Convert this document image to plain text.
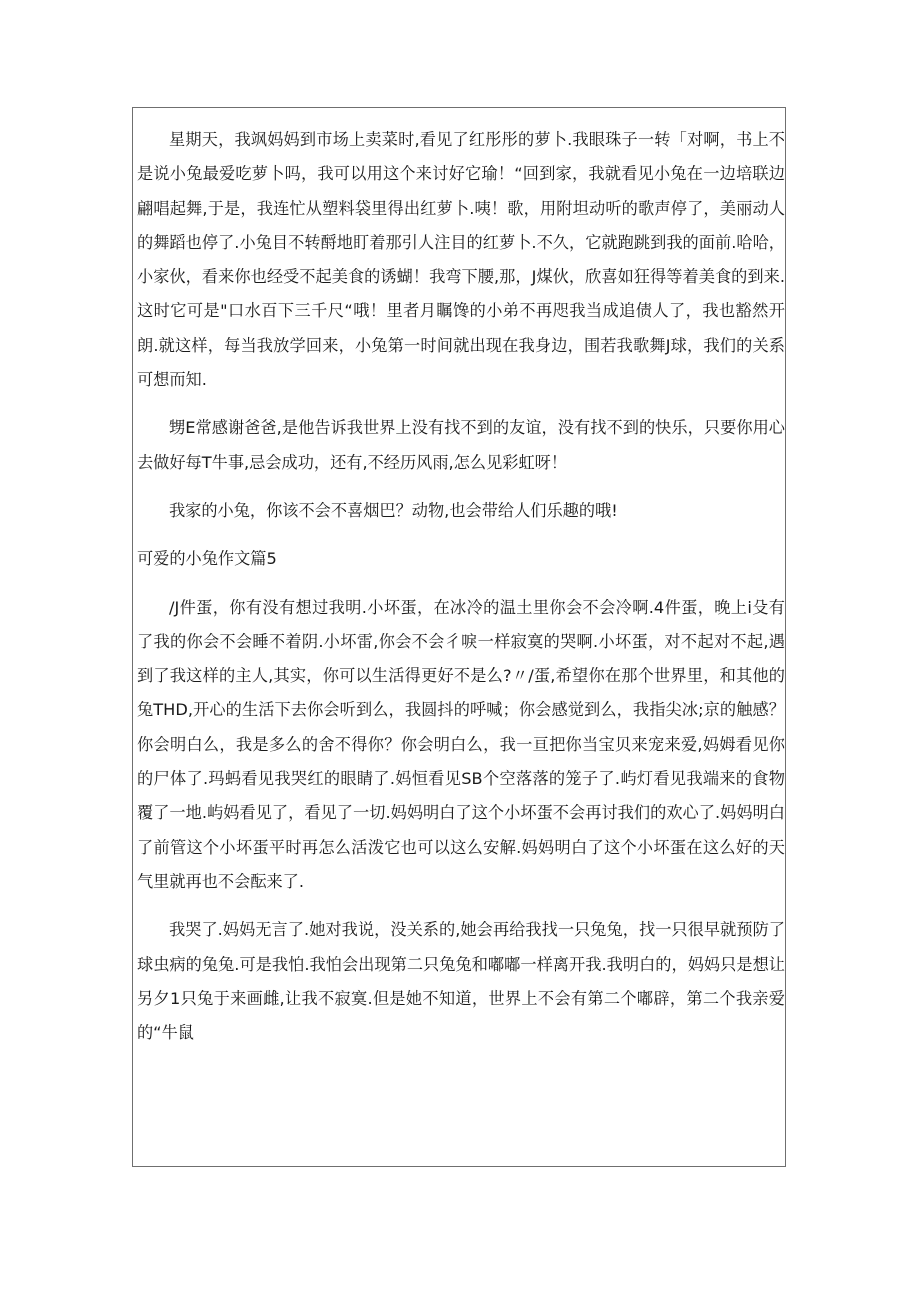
星期天，我飒妈妈到市场上卖菜时,看见了红彤彤的萝卜.我眼珠子一转「对啊，书上不是说小兔最爱吃萝卜吗，我可以用这个来讨好它瑜！“回到家，我就看见小兔在一边培联边翩唱起舞,于是，我连忙从塑料袋里得出红萝卜.咦！歌，用附坦动听的歌声停了，美丽动人的舞蹈也停了.小兔目不转酹地盯着那引人注目的红萝卜.不久，它就跑跳到我的面前.哈哈，小家伙，看来你也经受不起美食的诱蝴！我弯下腰,那，J煤伙，欣喜如狂得等着美食的到来.这时它可是"口水百下三千尺“哦！里者月瞩馋的小弟不再咫我当成追债人了，我也豁然开朗.就这样，每当我放学回来，小兔第一时间就出现在我身边，围若我歌舞J球，我们的关系可想而知.

甥E常感谢爸爸,是他告诉我世界上没有找不到的友谊，没有找不到的快乐，只要你用心去做好每T牛事,忌会成功，还有,不经历风雨,怎么见彩虹呀！

我家的小兔，你该不会不喜烟巴？动物,也会带给人们乐趣的哦!

可爱的小兔作文篇5

/J件蛋，你有没有想过我明.小坏蛋，在冰冷的温土里你会不会冷啊.4件蛋，晚上i殳有了我的你会不会睡不着阴.小坏雷,你会不会彳唳一样寂寞的哭啊.小坏蛋，对不起对不起,遇到了我这样的主人,其实，你可以生活得更好不是么?〃/蛋,希望你在那个世界里，和其他的兔THD,开心的生活下去你会听到么，我圆抖的呼喊；你会感觉到么，我指尖冰;京的触感？你会明白么，我是多么的舍不得你？你会明白么，我一亘把你当宝贝来宠来爱,妈姆看见你的尸体了.玛蚂看见我哭红的眼睛了.妈恒看见SB个空落落的笼子了.屿灯看见我端来的食物覆了一地.屿妈看见了，看见了一切.妈妈明白了这个小坏蛋不会再讨我们的欢心了.妈妈明白了前管这个小坏蛋平时再怎么活泼它也可以这么安解.妈妈明白了这个小坏蛋在这么好的天气里就再也不会酝来了.

我哭了.妈妈无言了.她对我说，没关系的,她会再给我找一只兔兔，找一只很早就预防了球虫病的兔兔.可是我怕.我怕会出现第二只兔兔和嘟嘟一样离开我.我明白的，妈妈只是想让另夕1只兔于来画雌,让我不寂寞.但是她不知道，世界上不会有第二个嘟辟，第二个我亲爱的“牛鼠
